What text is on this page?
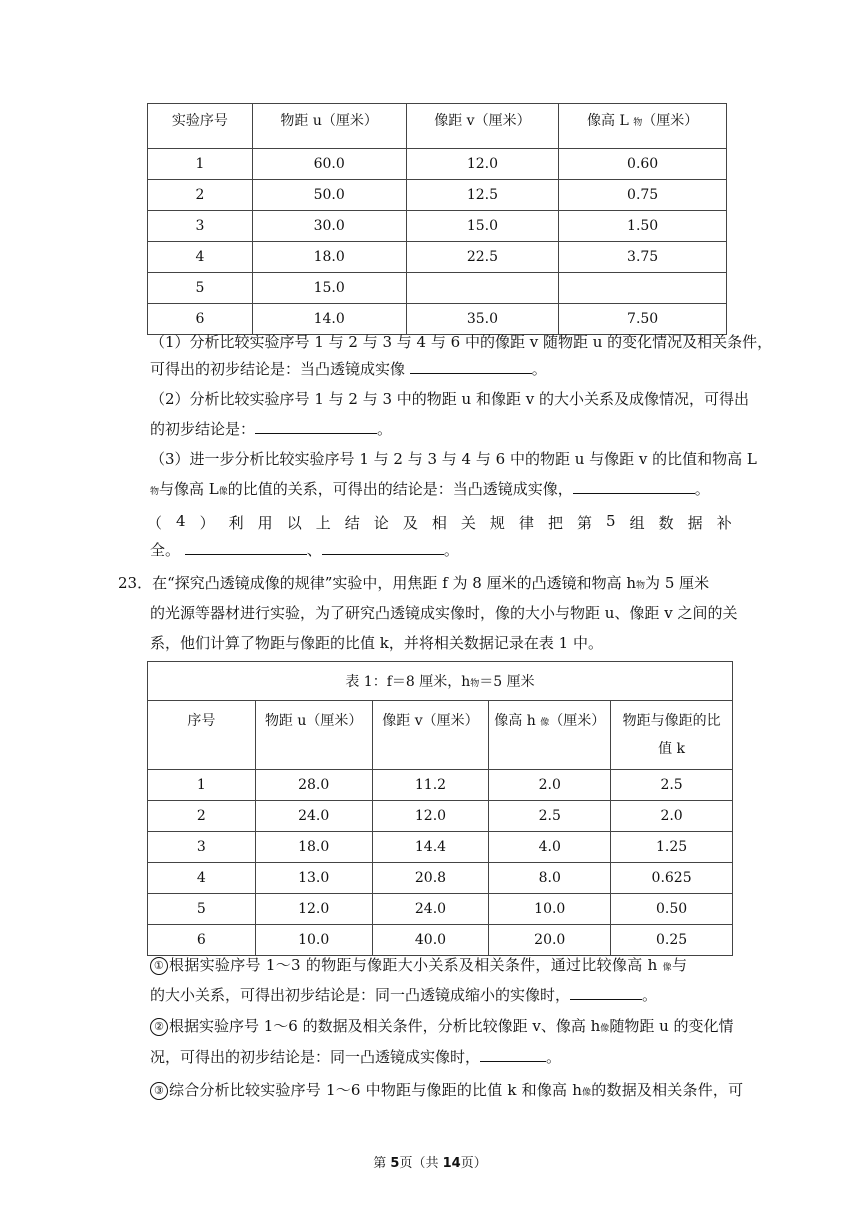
实验序号	物距 u（厘米）	像距 v（厘米）	像高 L 物（厘米）
1	60.0	12.0	0.60
2	50.0	12.5	0.75
3	30.0	15.0	1.50
4	18.0	22.5	3.75
5	15.0		
6	14.0	35.0	7.50
（1）分析比较实验序号 1 与 2 与 3 与 4 与 6 中的像距 v 随物距 u 的变化情况及相关条件，
可得出的初步结论是：当凸透镜成实像	。
（2）分析比较实验序号 1 与 2 与 3 中的物距 u 和像距 v 的大小关系及成像情况，可得出
的初步结论是：	。
（3）进一步分析比较实验序号 1 与 2 与 3 与 4 与 6 中的物距 u 与像距 v 的比值和物高 L
物与像高 L像的比值的关系，可得出的结论是：当凸透镜成实像，	。
（ 4 ） 利 用 以 上 结 论 及 相 关 规 律 把 第 5 组 数 据 补
全。	、	。
23．在“探究凸透镜成像的规律”实验中，用焦距 f 为 8 厘米的凸透镜和物高 h物为 5 厘米
的光源等器材进行实验，为了研究凸透镜成实像时，像的大小与物距 u、像距 v 之间的关
系，他们计算了物距与像距的比值 k，并将相关数据记录在表 1 中。
表 1：f＝8 厘米，h物＝5 厘米				
序号	物距 u（厘米）	像距 v（厘米）	像高 h 像（厘米）	物距与像距的比
值 k
1	28.0	11.2	2.0	2.5
2	24.0	12.0	2.5	2.0
3	18.0	14.4	4.0	1.25
4	13.0	20.8	8.0	0.625
5	12.0	24.0	10.0	0.50
6	10.0	40.0	20.0	0.25
① 根据实验序号 1～3 的物距与像距大小关系及相关条件，通过比较像高 h 像与
的大小关系，可得出初步结论是：同一凸透镜成缩小的实像时，	。
② 根据实验序号 1～6 的数据及相关条件，分析比较像距 v、像高 h像随物距 u 的变化情
况，可得出的初步结论是：同一凸透镜成实像时，	。
③ 综合分析比较实验序号 1～6 中物距与像距的比值 k 和像高 h像的数据及相关条件，可
第 5页（共 14页）
